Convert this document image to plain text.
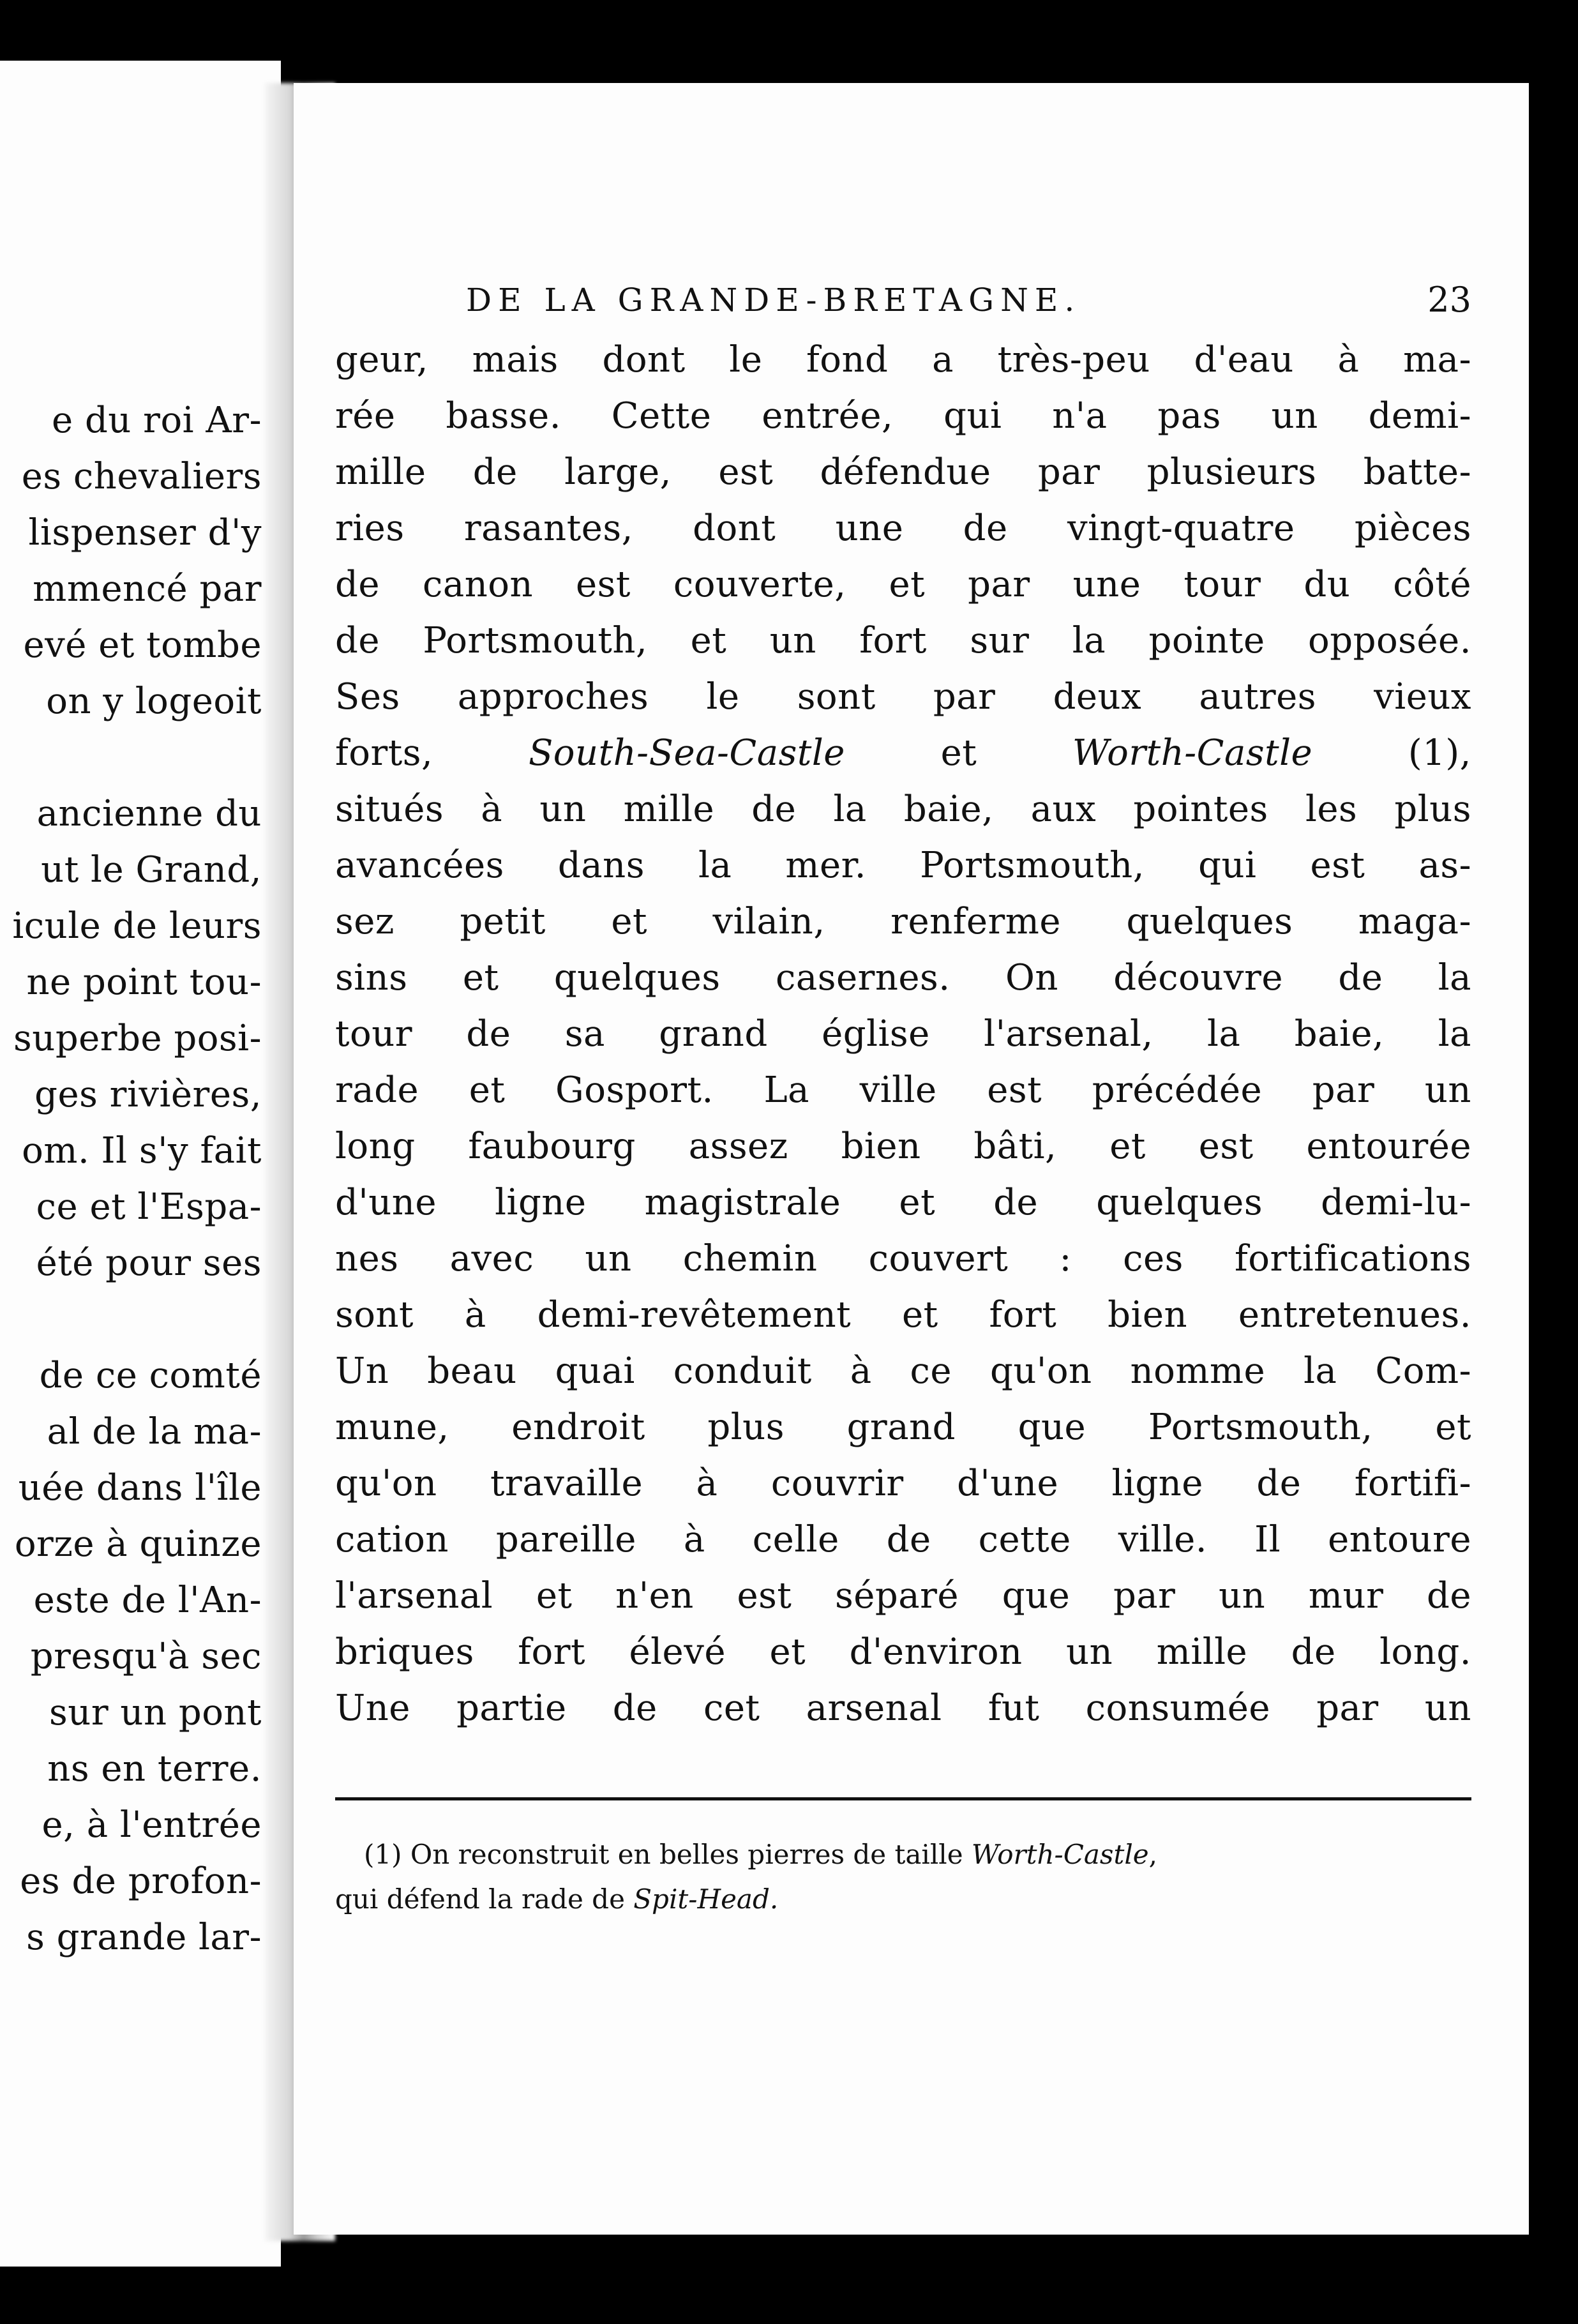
e du roi Ar-
es chevaliers
lispenser d'y
mmencé par
evé et tombe
on y logeoit
ancienne du
ut le Grand,
icule de leurs
ne point tou-
superbe posi-
ges rivières,
om. Il s'y fait
ce et l'Espa-
été pour ses
de ce comté
al de la ma-
uée dans l'île
orze à quinze
este de l'An-
presqu'à sec
sur un pont
ns en terre.
e, à l'entrée
es de profon-
s grande lar-
DE LA GRANDE-BRETAGNE.	23
geur, mais dont le fond a très-peu d'eau à ma-
rée basse. Cette entrée, qui n'a pas un demi-
mille de large, est défendue par plusieurs batte-
ries rasantes, dont une de vingt-quatre pièces
de canon est couverte, et par une tour du côté
de Portsmouth, et un fort sur la pointe opposée.
Ses approches le sont par deux autres vieux
forts,	South-Sea-Castle	et	Worth-Castle	(1),
situés à un mille de la baie, aux pointes les plus
avancées dans la mer. Portsmouth, qui est as-
sez petit et vilain, renferme quelques maga-
sins et quelques casernes. On découvre de la
tour de sa grand église l'arsenal, la baie, la
rade et Gosport. La ville est précédée par un
long faubourg assez bien bâti, et est entourée
d'une ligne magistrale et de quelques demi-lu-
nes avec un chemin couvert : ces fortifications
sont à demi-revêtement et fort bien entretenues.
Un beau quai conduit à ce qu'on nomme la Com-
mune, endroit plus grand que Portsmouth, et
qu'on travaille à couvrir d'une ligne de fortifi-
cation pareille à celle de cette ville. Il entoure
l'arsenal et n'en est séparé que par un mur de
briques fort élevé et d'environ un mille de long.
Une partie de cet arsenal fut consumée par un
(1) On reconstruit en belles pierres de taille Worth-Castle,
qui défend la rade de Spit-Head.
